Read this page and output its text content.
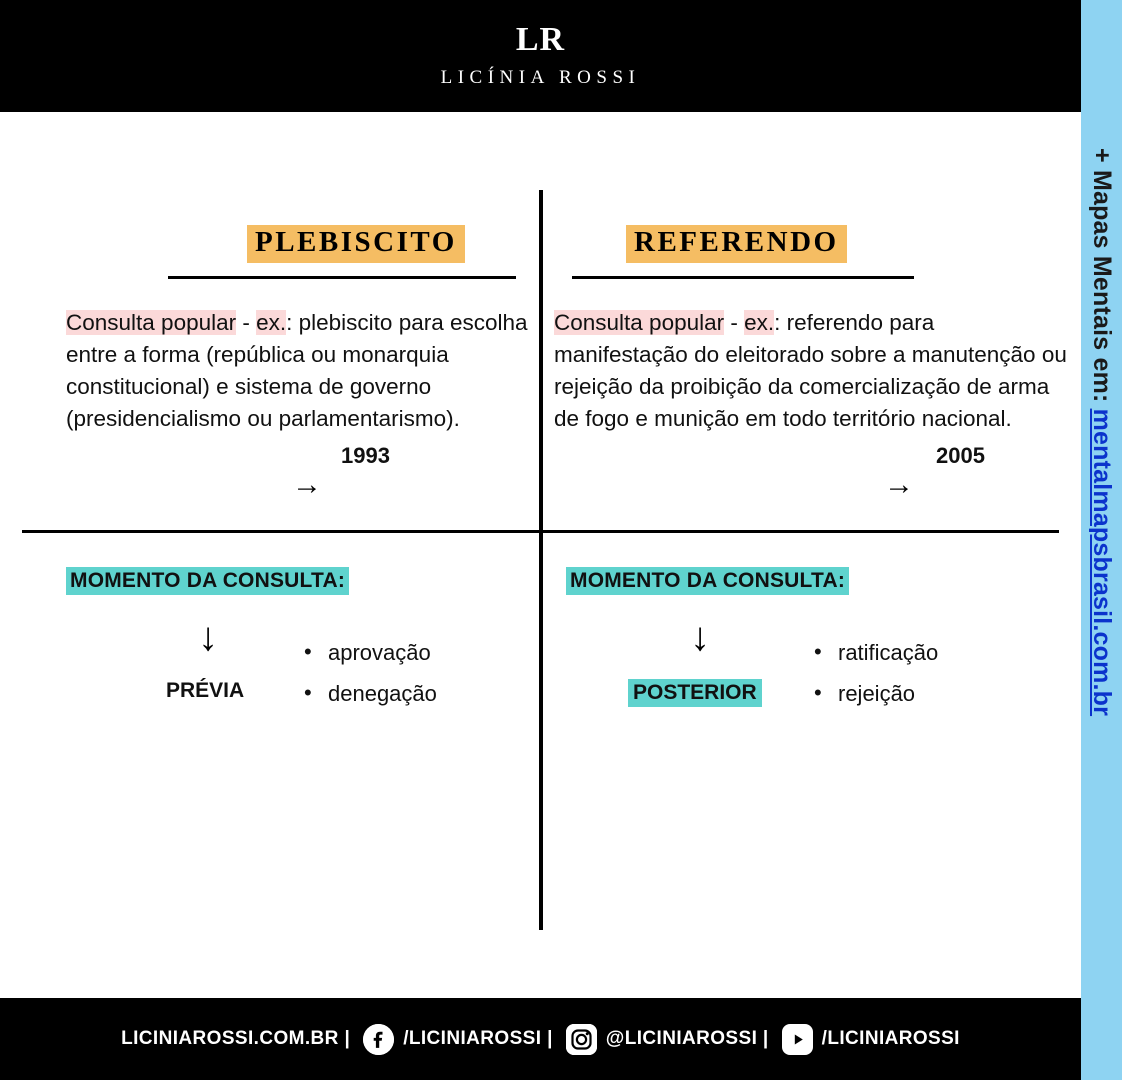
LR
LICÍNIA ROSSI
PLEBISCITO
Consulta popular - ex.: plebiscito para escolha entre a forma (república ou monarquia constitucional) e sistema de governo (presidencialismo ou parlamentarismo).
1993
→
MOMENTO DA CONSULTA:
↓
PRÉVIA
• aprovação
• denegação
REFERENDO
Consulta popular - ex.: referendo para manifestação do eleitorado sobre a manutenção ou rejeição da proibição da comercialização de arma de fogo e munição em todo território nacional.
2005
→
MOMENTO DA CONSULTA:
↓
POSTERIOR
• ratificação
• rejeição
LICINIAROSSI.COM.BR |	/LICINIAROSSI |	@LICINIAROSSI |	/LICINIAROSSI
+ Mapas Mentais em:
mentalmapsbrasil.com.br
